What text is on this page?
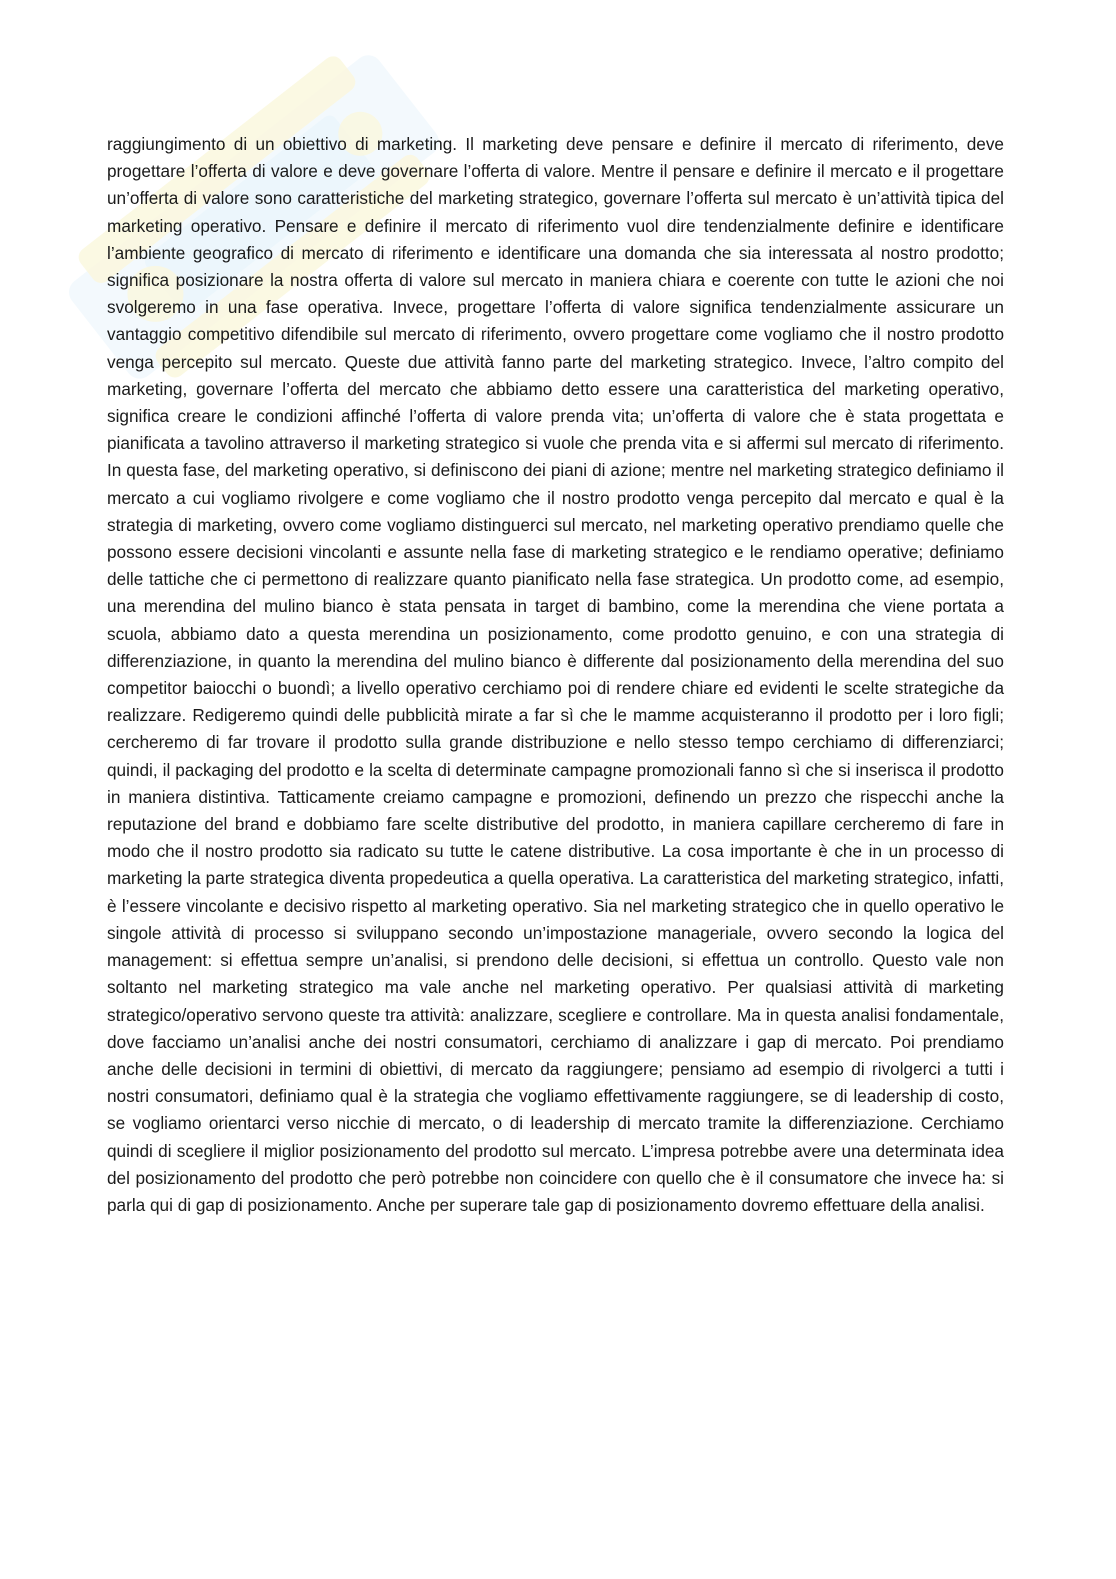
raggiungimento di un obiettivo di marketing. Il marketing deve pensare e definire il mercato di riferimento, deve progettare l’offerta di valore e deve governare l’offerta di valore. Mentre il pensare e definire il mercato e il progettare un’offerta di valore sono caratteristiche del marketing strategico, governare l’offerta sul mercato è un’attività tipica del marketing operativo. Pensare e definire il mercato di riferimento vuol dire tendenzialmente definire e identificare l’ambiente geografico di mercato di riferimento e identificare una domanda che sia interessata al nostro prodotto; significa posizionare la nostra offerta di valore sul mercato in maniera chiara e coerente con tutte le azioni che noi svolgeremo in una fase operativa. Invece, progettare l’offerta di valore significa tendenzialmente assicurare un vantaggio competitivo difendibile sul mercato di riferimento, ovvero progettare come vogliamo che il nostro prodotto venga percepito sul mercato. Queste due attività fanno parte del marketing strategico. Invece, l’altro compito del marketing, governare l’offerta del mercato che abbiamo detto essere una caratteristica del marketing operativo, significa creare le condizioni affinché l’offerta di valore prenda vita; un’offerta di valore che è stata progettata e pianificata a tavolino attraverso il marketing strategico si vuole che prenda vita e si affermi sul mercato di riferimento. In questa fase, del marketing operativo, si definiscono dei piani di azione; mentre nel marketing strategico definiamo il mercato a cui vogliamo rivolgere e come vogliamo che il nostro prodotto venga percepito dal mercato e qual è la strategia di marketing, ovvero come vogliamo distinguerci sul mercato, nel marketing operativo prendiamo quelle che possono essere decisioni vincolanti e assunte nella fase di marketing strategico e le rendiamo operative; definiamo delle tattiche che ci permettono di realizzare quanto pianificato nella fase strategica. Un prodotto come, ad esempio, una merendina del mulino bianco è stata pensata in target di bambino, come la merendina che viene portata a scuola, abbiamo dato a questa merendina un posizionamento, come prodotto genuino, e con una strategia di differenziazione, in quanto la merendina del mulino bianco è differente dal posizionamento della merendina del suo competitor baiocchi o buondì; a livello operativo cerchiamo poi di rendere chiare ed evidenti le scelte strategiche da realizzare. Redigeremo quindi delle pubblicità mirate a far sì che le mamme acquisteranno il prodotto per i loro figli; cercheremo di far trovare il prodotto sulla grande distribuzione e nello stesso tempo cerchiamo di differenziarci; quindi, il packaging del prodotto e la scelta di determinate campagne promozionali fanno sì che si inserisca il prodotto in maniera distintiva. Tatticamente creiamo campagne e promozioni, definendo un prezzo che rispecchi anche la reputazione del brand e dobbiamo fare scelte distributive del prodotto, in maniera capillare cercheremo di fare in modo che il nostro prodotto sia radicato su tutte le catene distributive. La cosa importante è che in un processo di marketing la parte strategica diventa propedeutica a quella operativa. La caratteristica del marketing strategico, infatti, è l’essere vincolante e decisivo rispetto al marketing operativo. Sia nel marketing strategico che in quello operativo le singole attività di processo si sviluppano secondo un’impostazione manageriale, ovvero secondo la logica del management: si effettua sempre un’analisi, si prendono delle decisioni, si effettua un controllo. Questo vale non soltanto nel marketing strategico ma vale anche nel marketing operativo. Per qualsiasi attività di marketing strategico/operativo servono queste tra attività: analizzare, scegliere e controllare. Ma in questa analisi fondamentale, dove facciamo un’analisi anche dei nostri consumatori, cerchiamo di analizzare i gap di mercato. Poi prendiamo anche delle decisioni in termini di obiettivi, di mercato da raggiungere; pensiamo ad esempio di rivolgerci a tutti i nostri consumatori, definiamo qual è la strategia che vogliamo effettivamente raggiungere, se di leadership di costo, se vogliamo orientarci verso nicchie di mercato, o di leadership di mercato tramite la differenziazione. Cerchiamo quindi di scegliere il miglior posizionamento del prodotto sul mercato. L’impresa potrebbe avere una determinata idea del posizionamento del prodotto che però potrebbe non coincidere con quello che è il consumatore che invece ha: si parla qui di gap di posizionamento. Anche per superare tale gap di posizionamento dovremo effettuare della analisi.
